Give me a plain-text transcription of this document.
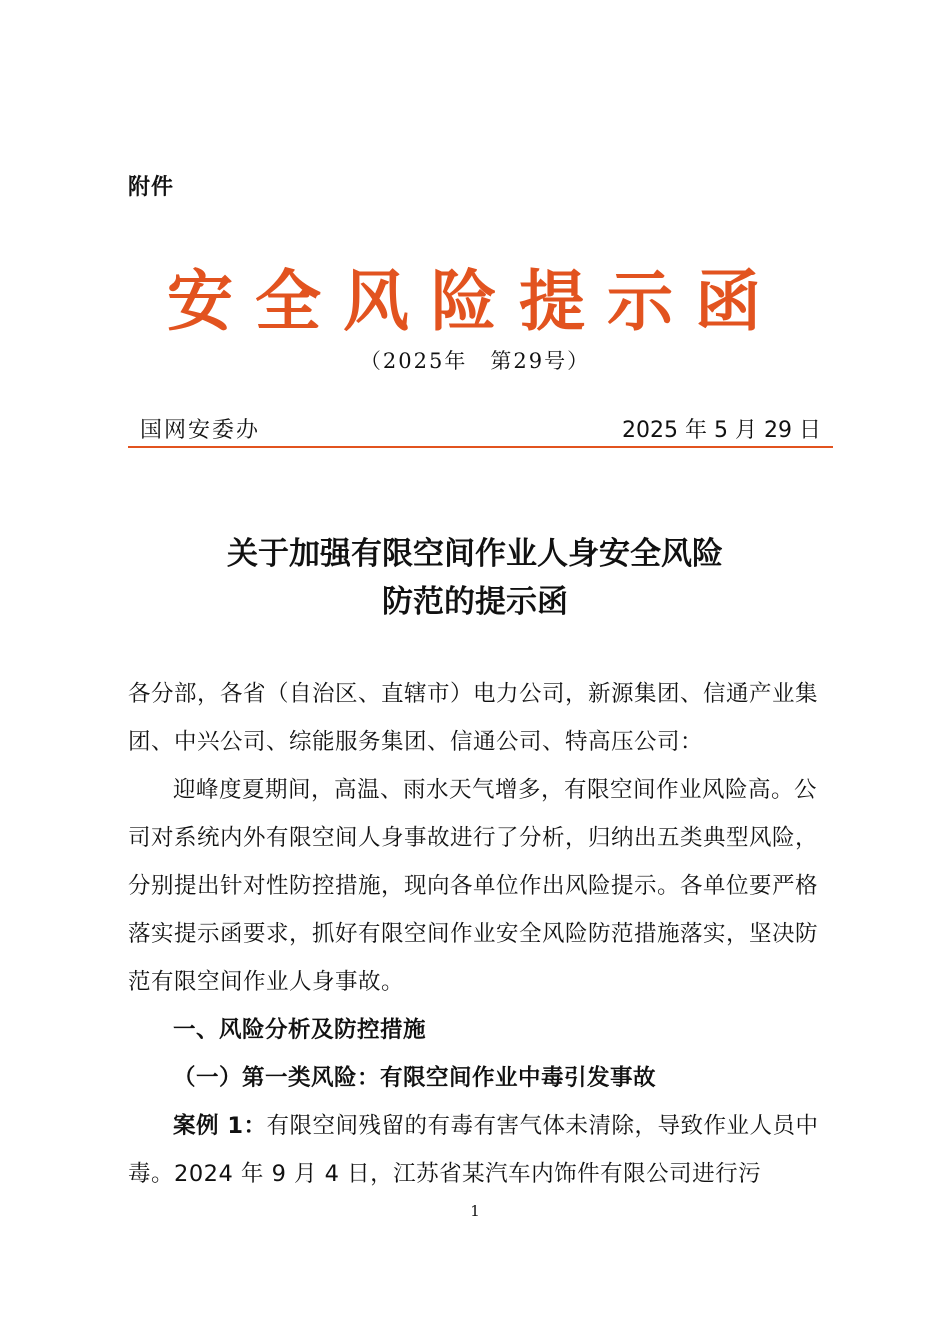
附件
安全风险提示函
（2025年　第29号）
国网安委办	2025 年 5 月 29 日
关于加强有限空间作业人身安全风险
防范的提示函

各分部，各省（自治区、直辖市）电力公司，新源集团、信通产业集团、中兴公司、综能服务集团、信通公司、特高压公司：

迎峰度夏期间，高温、雨水天气增多，有限空间作业风险高。公司对系统内外有限空间人身事故进行了分析，归纳出五类典型风险，分别提出针对性防控措施，现向各单位作出风险提示。各单位要严格落实提示函要求，抓好有限空间作业安全风险防范措施落实，坚决防范有限空间作业人身事故。

一、风险分析及防控措施

（一）第一类风险：有限空间作业中毒引发事故

案例 1：有限空间残留的有毒有害气体未清除，导致作业人员中毒。2024 年 9 月 4 日，江苏省某汽车内饰件有限公司进行污

1
